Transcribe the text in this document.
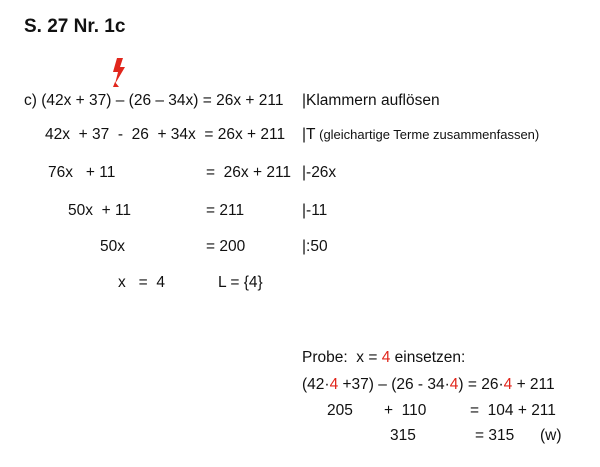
S. 27 Nr. 1c
c) (42x + 37) – (26 – 34x) = 26x + 211 |Klammern auflösen
42x  + 37  -  26  + 34x  = 26x + 211 |T (gleichartige Terme zusammenfassen)
76x   + 11	=  26x + 211 |-26x
50x  + 11	= 211	|-11
50x	= 200	|:50
x   =  4	L = {4}
Probe:  x = 4 einsetzen:
(42·4 +37) – (26 - 34·4) = 26·4 + 211
205 +  110	=  104 + 211
315	= 315 (w)
